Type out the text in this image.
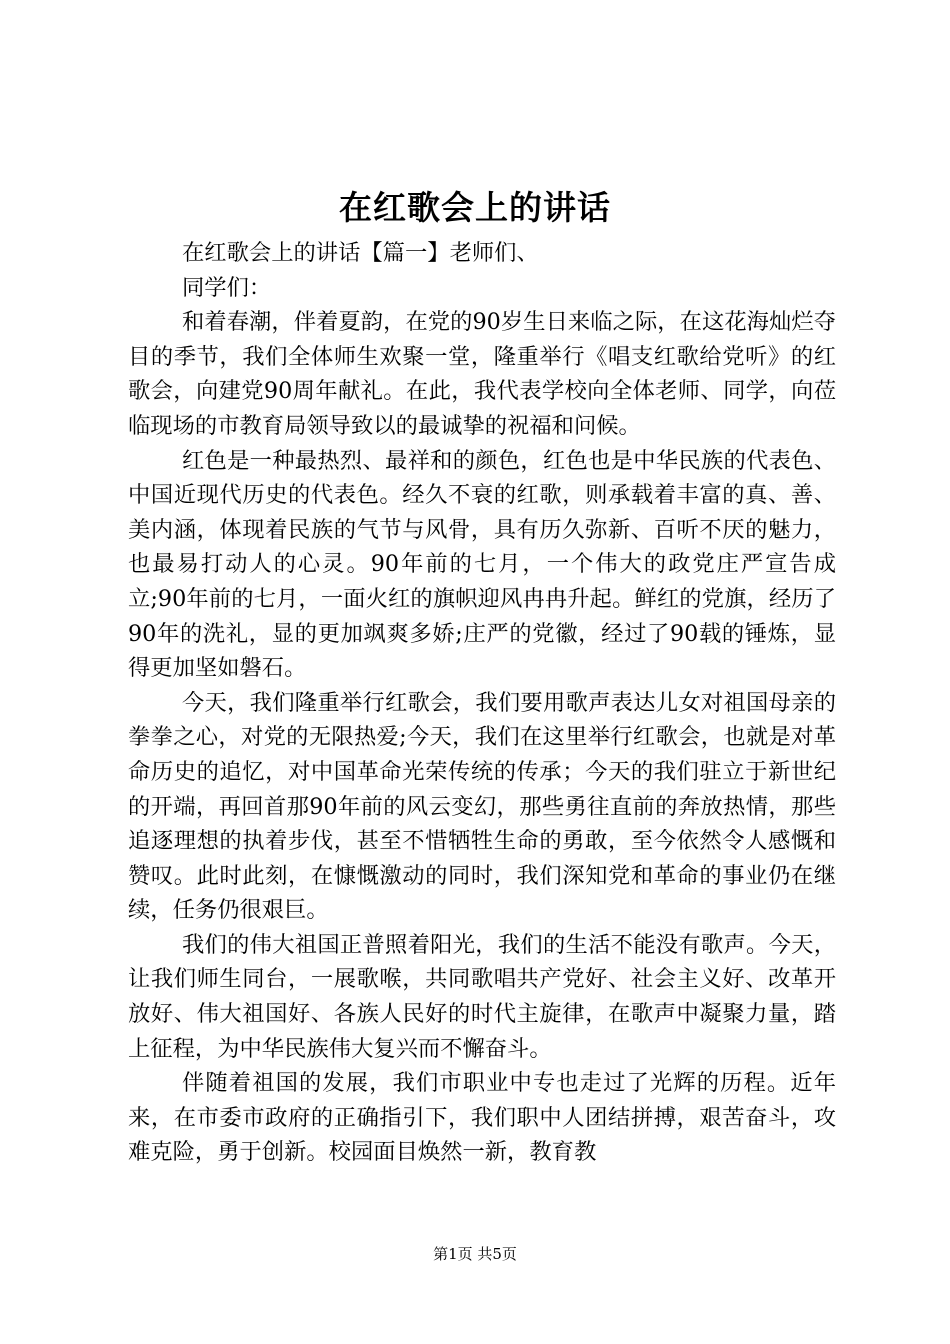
在红歌会上的讲话

在红歌会上的讲话【篇一】老师们、

同学们：

和着春潮，伴着夏韵，在党的90岁生日来临之际，在这花海灿烂夺目的季节，我们全体师生欢聚一堂，隆重举行《唱支红歌给党听》的红歌会，向建党90周年献礼。在此，我代表学校向全体老师、同学，向莅临现场的市教育局领导致以的最诚挚的祝福和问候。

红色是一种最热烈、最祥和的颜色，红色也是中华民族的代表色、中国近现代历史的代表色。经久不衰的红歌，则承载着丰富的真、善、美内涵，体现着民族的气节与风骨，具有历久弥新、百听不厌的魅力，也最易打动人的心灵。90年前的七月，一个伟大的政党庄严宣告成立;90年前的七月，一面火红的旗帜迎风冉冉升起。鲜红的党旗，经历了90年的洗礼，显的更加飒爽多娇;庄严的党徽，经过了90载的锤炼，显得更加坚如磐石。

今天，我们隆重举行红歌会，我们要用歌声表达儿女对祖国母亲的拳拳之心，对党的无限热爱;今天，我们在这里举行红歌会，也就是对革命历史的追忆，对中国革命光荣传统的传承；今天的我们驻立于新世纪的开端，再回首那90年前的风云变幻，那些勇往直前的奔放热情，那些追逐理想的执着步伐，甚至不惜牺牲生命的勇敢，至今依然令人感慨和赞叹。此时此刻，在慷慨激动的同时，我们深知党和革命的事业仍在继续，任务仍很艰巨。

我们的伟大祖国正普照着阳光，我们的生活不能没有歌声。今天，让我们师生同台，一展歌喉，共同歌唱共产党好、社会主义好、改革开放好、伟大祖国好、各族人民好的时代主旋律，在歌声中凝聚力量，踏上征程，为中华民族伟大复兴而不懈奋斗。

伴随着祖国的发展，我们市职业中专也走过了光辉的历程。近年来，在市委市政府的正确指引下，我们职中人团结拼搏，艰苦奋斗，攻难克险，勇于创新。校园面目焕然一新，教育教

第1页 共5页
